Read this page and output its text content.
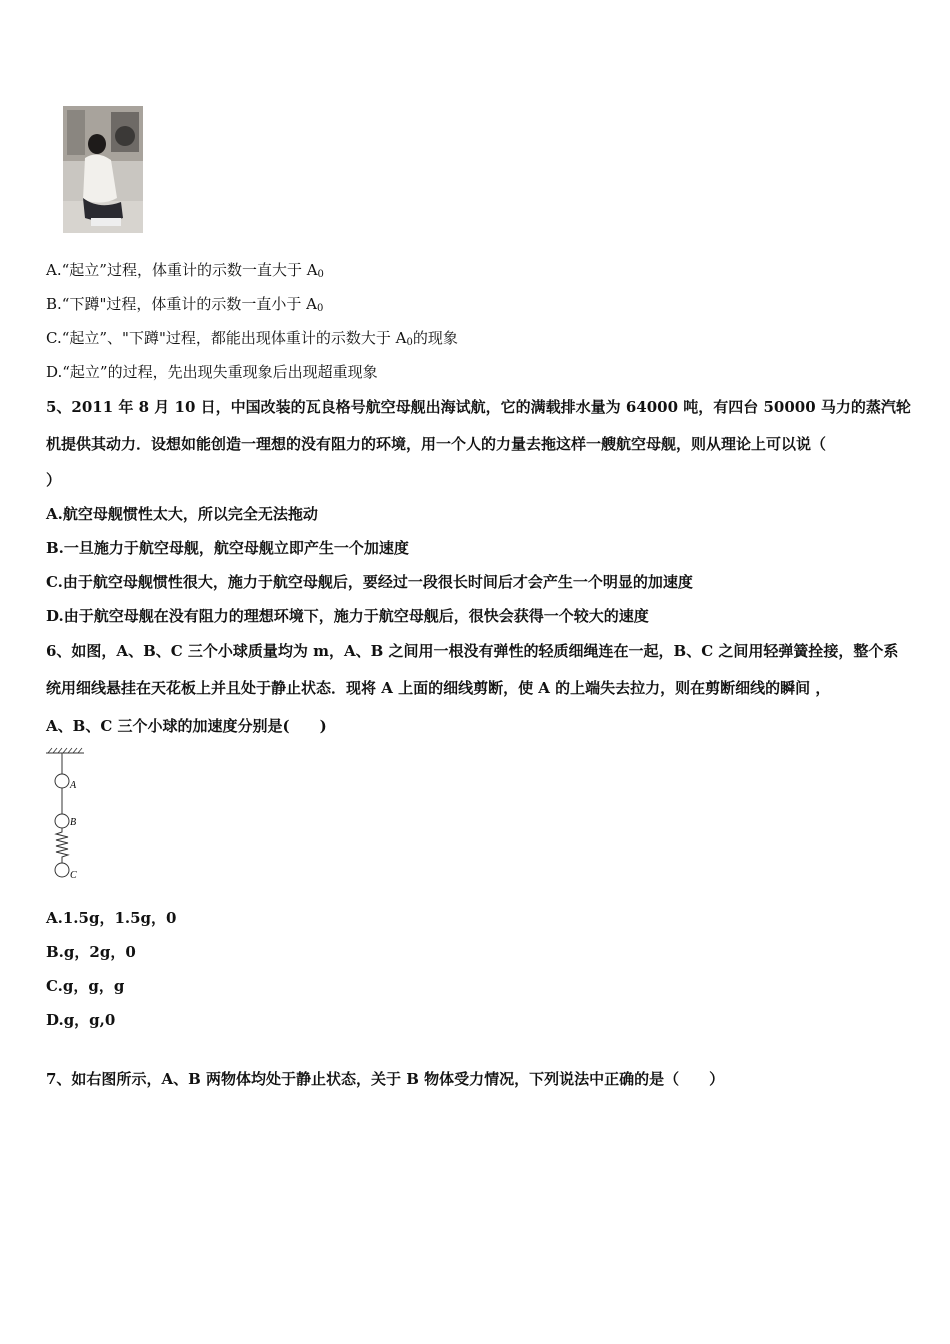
A.“起立”过程，体重计的示数一直大于 $A_0$
B.“下蹲"过程，体重计的示数一直小于 $A_0$
C.“起立”、"下蹲"过程，都能出现体重计的示数大于 $A_0$的现象
D.“起立”的过程，先出现失重现象后出现超重现象
5、2011 年 8 月 10 日，中国改装的瓦良格号航空母舰出海试航，它的满载排水量为 64000 吨，有四台 50000 马力的蒸汽轮
机提供其动力．设想如能创造一理想的没有阻力的环境，用一个人的力量去拖这样一艘航空母舰，则从理论上可以说（
）
A.航空母舰惯性太大，所以完全无法拖动
B.一旦施力于航空母舰，航空母舰立即产生一个加速度
C.由于航空母舰惯性很大，施力于航空母舰后，要经过一段很长时间后才会产生一个明显的加速度
D.由于航空母舰在没有阻力的理想环境下，施力于航空母舰后，很快会获得一个较大的速度
6、如图，A、B、C 三个小球质量均为 m，A、B 之间用一根没有弹性的轻质细绳连在一起，B、C 之间用轻弹簧拴接，整个系
统用细线悬挂在天花板上并且处于静止状态．现将 A 上面的细线剪断，使 A 的上端失去拉力，则在剪断细线的瞬间 ，
A、B、C 三个小球的加速度分别是(　　)
A
B
C
A.1.5g，1.5g，0
B.g，2g，0
C.g，g，g
D.g，g,0
7、如右图所示，A、B 两物体均处于静止状态，关于 B 物体受力情况，下列说法中正确的是（　　）
